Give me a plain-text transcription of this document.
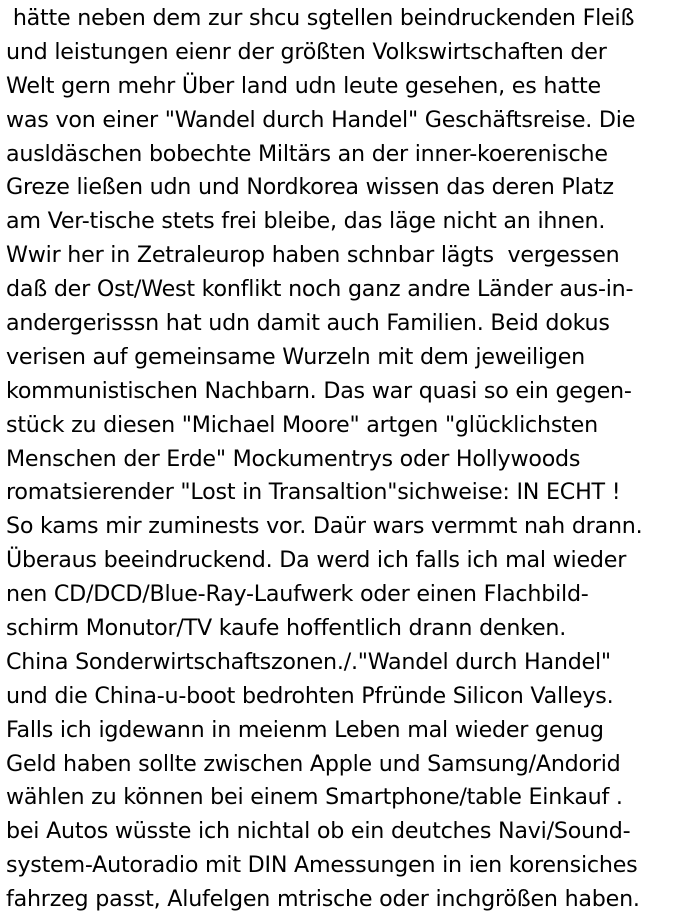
hätte neben dem zur shcu sgtellen beindruckenden Fleiß
und leistungen eienr der größten Volkswirtschaften der
Welt gern mehr Über land udn leute gesehen, es hatte
was von einer "Wandel durch Handel" Geschäftsreise. Die
ausldäschen bobechte Miltärs an der inner-koerenische
Greze ließen udn und Nordkorea wissen das deren Platz
am Ver-tische stets frei bleibe, das läge nicht an ihnen.
Wwir her in Zetraleurop haben schnbar lägts  vergessen
daß der Ost/West konflikt noch ganz andre Länder aus-in-
andergerisssn hat udn damit auch Familien. Beid dokus
verisen auf gemeinsame Wurzeln mit dem jeweiligen
kommunistischen Nachbarn. Das war quasi so ein gegen-
stück zu diesen "Michael Moore" artgen "glücklichsten
Menschen der Erde" Mockumentrys oder Hollywoods
romatsierender "Lost in Transaltion"sichweise: IN ECHT !
So kams mir zuminests vor. Daür wars vermmt nah drann.
Überaus beeindruckend. Da werd ich falls ich mal wieder
nen CD/DCD/Blue-Ray-Laufwerk oder einen Flachbild-
schirm Monutor/TV kaufe hoffentlich drann denken.
China Sonderwirtschaftszonen./."Wandel durch Handel"
und die China-u-boot bedrohten Pfründe Silicon Valleys.
Falls ich igdewann in meienm Leben mal wieder genug
Geld haben sollte zwischen Apple und Samsung/Andorid
wählen zu können bei einem Smartphone/table Einkauf .
bei Autos wüsste ich nichtal ob ein deutches Navi/Sound-
system-Autoradio mit DIN Amessungen in ien korensiches
fahrzeg passt, Alufelgen mtrische oder inchgrößen haben.
